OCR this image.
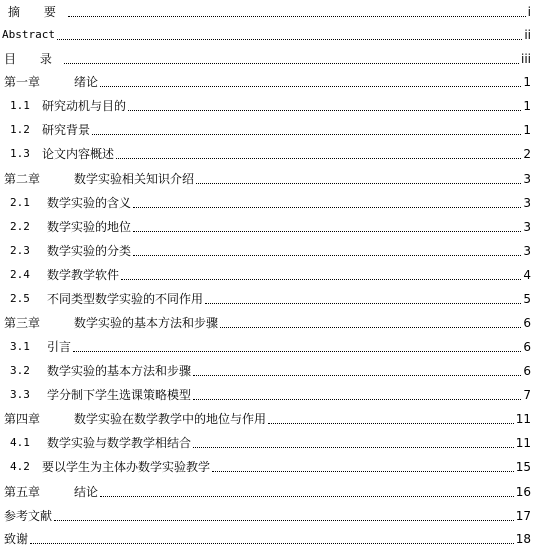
摘 要	i
Abstract	ii
目 录	iii
第一章	绪论	1
1.1	研究动机与目的	1
1.2	研究背景	1
1.3	论文内容概述	2
第二章	数学实验相关知识介绍	3
2.1	数学实验的含义	3
2.2	数学实验的地位	3
2.3	数学实验的分类	3
2.4	数学教学软件	4
2.5	不同类型数学实验的不同作用	5
第三章	数学实验的基本方法和步骤	6
3.1	引言	6
3.2	数学实验的基本方法和步骤	6
3.3	学分制下学生选课策略模型	7
第四章	数学实验在数学教学中的地位与作用	11
4.1	数学实验与数学教学相结合	11
4.2	要以学生为主体办数学实验教学	15
第五章	结论	16
参考文献	17
致谢	18
